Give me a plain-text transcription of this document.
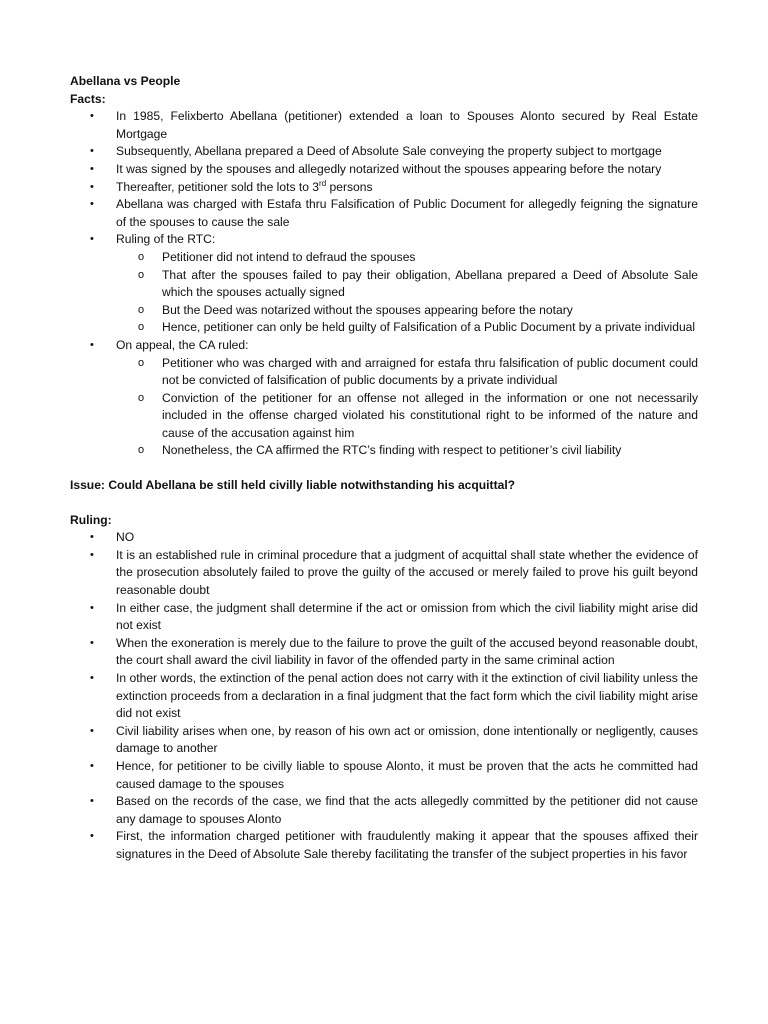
Abellana vs People
Facts:
• In 1985, Felixberto Abellana (petitioner) extended a loan to Spouses Alonto secured by Real Estate Mortgage
• Subsequently, Abellana prepared a Deed of Absolute Sale conveying the property subject to mortgage
• It was signed by the spouses and allegedly notarized without the spouses appearing before the notary
• Thereafter, petitioner sold the lots to 3rd persons
• Abellana was charged with Estafa thru Falsification of Public Document for allegedly feigning the signature of the spouses to cause the sale
• Ruling of the RTC:
o Petitioner did not intend to defraud the spouses
o That after the spouses failed to pay their obligation, Abellana prepared a Deed of Absolute Sale which the spouses actually signed
o But the Deed was notarized without the spouses appearing before the notary
o Hence, petitioner can only be held guilty of Falsification of a Public Document by a private individual
• On appeal, the CA ruled:
o Petitioner who was charged with and arraigned for estafa thru falsification of public document could not be convicted of falsification of public documents by a private individual
o Conviction of the petitioner for an offense not alleged in the information or one not necessarily included in the offense charged violated his constitutional right to be informed of the nature and cause of the accusation against him
o Nonetheless, the CA affirmed the RTC’s finding with respect to petitioner’s civil liability
Issue: Could Abellana be still held civilly liable notwithstanding his acquittal?
Ruling:
• NO
• It is an established rule in criminal procedure that a judgment of acquittal shall state whether the evidence of the prosecution absolutely failed to prove the guilty of the accused or merely failed to prove his guilt beyond reasonable doubt
• In either case, the judgment shall determine if the act or omission from which the civil liability might arise did not exist
• When the exoneration is merely due to the failure to prove the guilt of the accused beyond reasonable doubt, the court shall award the civil liability in favor of the offended party in the same criminal action
• In other words, the extinction of the penal action does not carry with it the extinction of civil liability unless the extinction proceeds from a declaration in a final judgment that the fact form which the civil liability might arise did not exist
• Civil liability arises when one, by reason of his own act or omission, done intentionally or negligently, causes damage to another
• Hence, for petitioner to be civilly liable to spouse Alonto, it must be proven that the acts he committed had caused damage to the spouses
• Based on the records of the case, we find that the acts allegedly committed by the petitioner did not cause any damage to spouses Alonto
• First, the information charged petitioner with fraudulently making it appear that the spouses affixed their signatures in the Deed of Absolute Sale thereby facilitating the transfer of the subject properties in his favor
